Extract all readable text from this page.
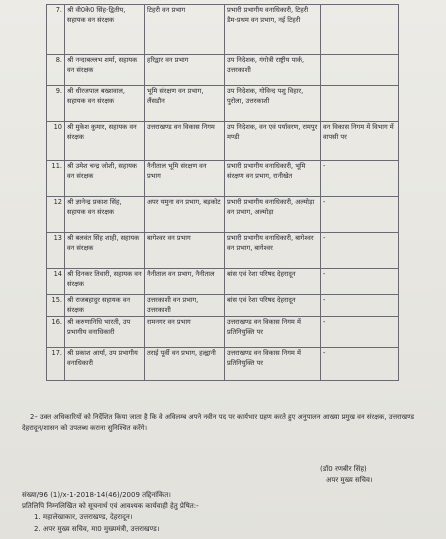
7.	श्री वी0के0 सिंह-द्वितीय, सहायक वन संरक्षक	टिहरी वन प्रभाग	प्रभारी प्रभागीय वनाधिकारी, टिहरी डैम-प्रथम वन प्रभाग, नई टिहरी	
8.	श्री नन्दाबल्लभ शर्मा, सहायक वन संरक्षक	हरिद्वार वन प्रभाग	उप निदेशक, गंगोत्री राष्ट्रीय पार्क, उत्तरकाशी	
9.	श्री धीरजपाल बख्शवाल, सहायक वन संरक्षक	भूमि संरक्षण वन प्रभाग, लैंसडौन	उप निदेशक, गोविन्द पशु विहार, पुरोला, उत्तरकाशी	
10	श्री मुकेश कुमार, सहायक वन संरक्षक	उत्तराखण्ड वन विकास निगम	उप निदेशक, वन एवं पर्यावरण, रामपुर मण्डी	वन विकास निगम में विभाग में वापसी पर
11.	श्री उमेश चन्द्र जोशी, सहायक वन संरक्षक	नैनीताल भूमि संरक्षण वन प्रभाग	प्रभारी प्रभागीय वनाधिकारी, भूमि संरक्षण वन प्रभाग, रानीखेत	-
12	श्री ज्ञानेन्द्र प्रकाश सिंह, सहायक वन संरक्षक	अपर यमुना वन प्रभाग, बड़कोट	प्रभारी प्रभागीय वनाधिकारी, अल्मोड़ा वन प्रभाग, अल्मोड़ा	-
13	श्री बलवंत सिंह शाही, सहायक वन संरक्षक	बागेश्वर वन प्रभाग	प्रभारी प्रभागीय वनाधिकारी, बागेश्वर वन प्रभाग, बागेश्वर	-
14	श्री दिनकर तिवारी, सहायक वन संरक्षक	नैनीताल वन प्रभाग, नैनीताल	बांस एवं रेशा परिषद देहरादून	-
15.	श्री राजबहादुर सहायक वन संरक्षक	उत्तरकाशी वन प्रभाग, उत्तरकाशी	बांस एवं रेशा परिषद देहरादून	-
16.	श्री करुणानिधि भारती, उप प्रभागीय वनाधिकारी	रामनगर वन प्रभाग	उत्तराखण्ड वन विकास निगम में प्रतिनियुक्ति पर	-
17.	श्री प्रकाश आर्या, उप प्रभागीय वनाधिकारी	तराई पूर्वी वन प्रभाग, हल्द्वानी	उत्तराखण्ड वन विकास निगम में प्रतिनियुक्ति पर	-
2– उक्त अधिकारियों को निर्देशित किया जाता है कि वे अविलम्ब अपने नवीन पद पर कार्यभार ग्रहण करते हुए अनुपालन आख्या प्रमुख वन संरक्षक, उत्तराखण्ड देहरादून/शासन को उपलब्ध कराना सुनिश्चित करेंगे।
(डॉ0 रणबीर सिंह)
अपर मुख्य सचिव।
संख्या/96 (1)/x-1-2018-14(46)/2009 तद्दिनांकित।
प्रतिलिपि निम्नलिखित को सूचनार्थ एवं आवश्यक कार्यवाही हेतु प्रेषित:-
1. महालेखाकार, उत्तराखण्ड, देहरादून।
2. अपर मुख्य सचिव, मा0 मुख्यमंत्री, उत्तराखण्ड।
